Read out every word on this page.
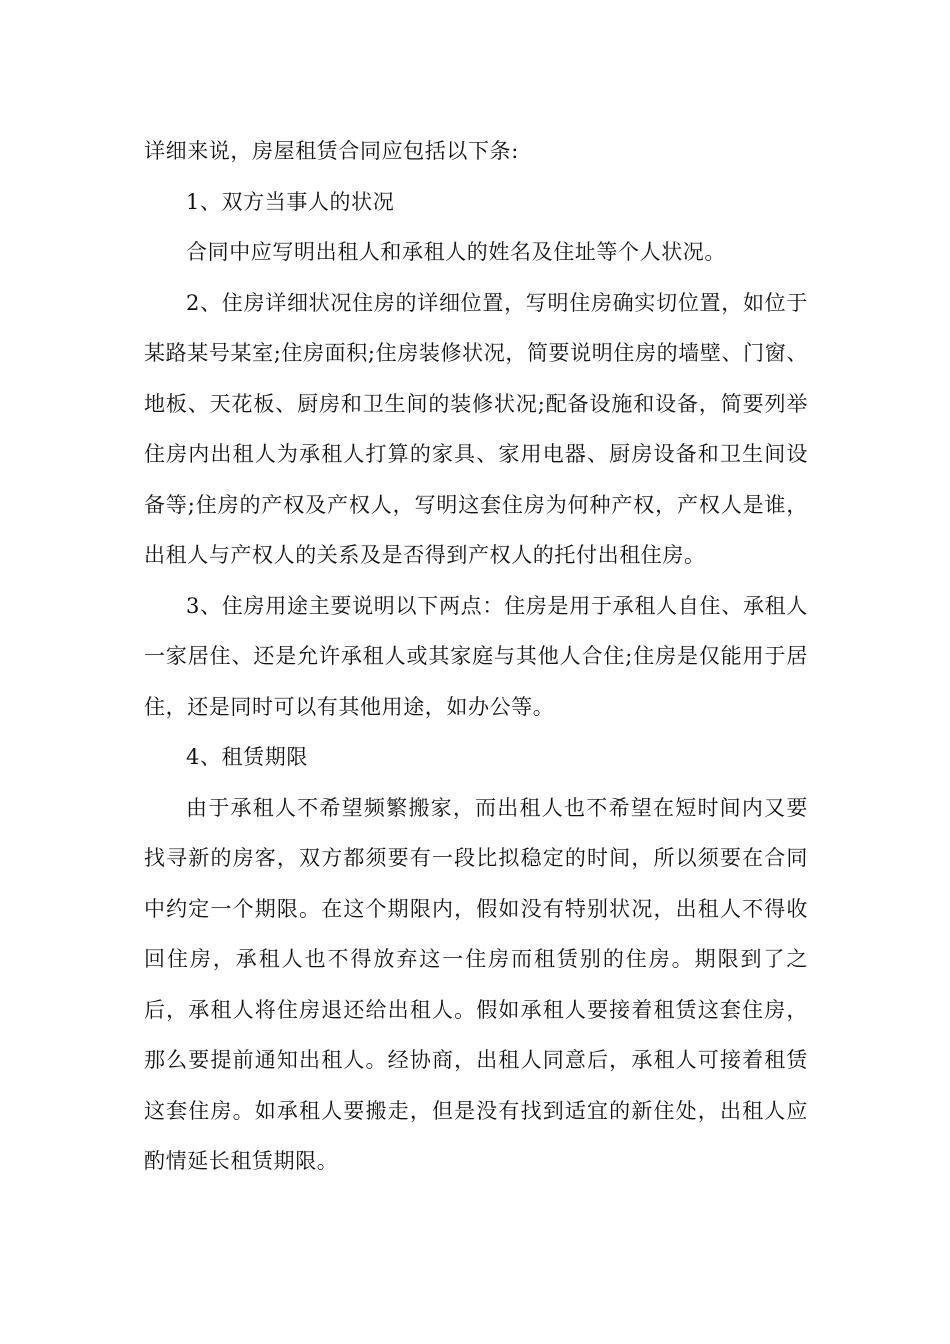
详细来说，房屋租赁合同应包括以下条:

1、双方当事人的状况

合同中应写明出租人和承租人的姓名及住址等个人状况。

2、住房详细状况住房的详细位置，写明住房确实切位置，如位于某路某号某室;住房面积;住房装修状况，简要说明住房的墙壁、门窗、地板、天花板、厨房和卫生间的装修状况;配备设施和设备，简要列举住房内出租人为承租人打算的家具、家用电器、厨房设备和卫生间设备等;住房的产权及产权人，写明这套住房为何种产权，产权人是谁，出租人与产权人的关系及是否得到产权人的托付出租住房。

3、住房用途主要说明以下两点：住房是用于承租人自住、承租人一家居住、还是允许承租人或其家庭与其他人合住;住房是仅能用于居住，还是同时可以有其他用途，如办公等。

4、租赁期限

由于承租人不希望频繁搬家，而出租人也不希望在短时间内又要找寻新的房客，双方都须要有一段比拟稳定的时间，所以须要在合同中约定一个期限。在这个期限内，假如没有特别状况，出租人不得收回住房，承租人也不得放弃这一住房而租赁别的住房。期限到了之后，承租人将住房退还给出租人。假如承租人要接着租赁这套住房，那么要提前通知出租人。经协商，出租人同意后，承租人可接着租赁这套住房。如承租人要搬走，但是没有找到适宜的新住处，出租人应酌情延长租赁期限。
